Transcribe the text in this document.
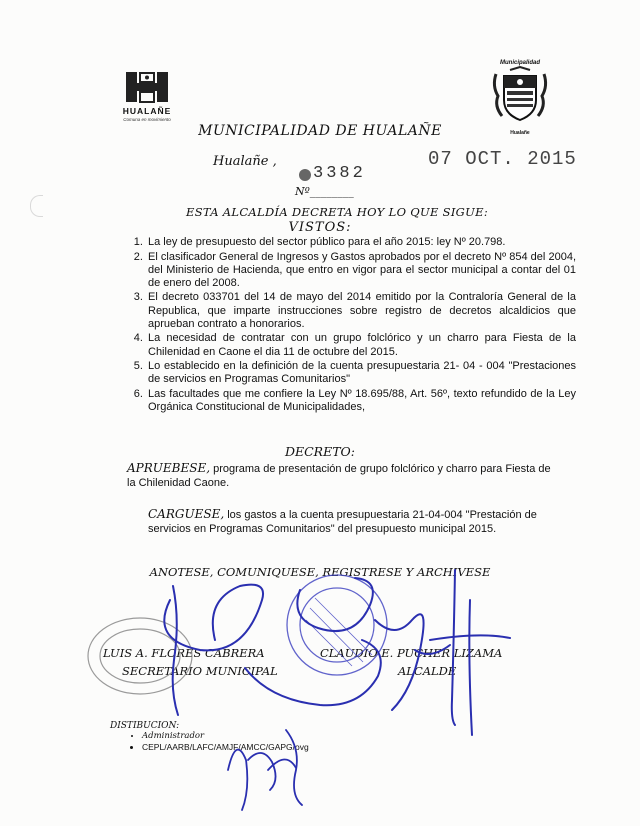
HUALAÑE
Comuna en movimiento
Municipalidad
Hualañe
MUNICIPALIDAD DE HUALAÑE
Hualañe ,	07 OCT. 2015
3382
Nº________
ESTA ALCALDÍA DECRETA HOY LO QUE SIGUE:
VISTOS:
1. La ley de presupuesto del sector público para el año 2015: ley Nº 20.798.
2. El clasificador General de Ingresos y Gastos aprobados por el decreto Nº 854 del 2004, del Ministerio de Hacienda, que entro en vigor para el sector municipal a contar del 01 de enero del 2008.
3. El decreto 033701 del 14 de mayo del 2014 emitido por la Contraloría General de la Republica, que imparte instrucciones sobre registro de decretos alcaldicios que aprueban contrato a honorarios.
4. La necesidad de contratar con un grupo folclórico y un charro para Fiesta de la Chilenidad en Caone el dia 11 de octubre del 2015.
5. Lo establecido en la definición de la cuenta presupuestaria 21- 04 - 004 "Prestaciones de servicios en Programas Comunitarios"
6. Las facultades que me confiere la Ley Nº 18.695/88, Art. 56º, texto refundido de la Ley Orgánica Constitucional de Municipalidades,
DECRETO:
APRUEBESE, programa de presentación de grupo folclórico y charro para Fiesta de la Chilenidad Caone.
CARGUESE, los gastos a la cuenta presupuestaria 21-04-004 "Prestación de servicios en Programas Comunitarios" del presupuesto municipal 2015.
ANOTESE, COMUNIQUESE, REGISTRESE Y ARCHIVESE
LUIS A. FLORES CABRERA
SECRETARIO MUNICIPAL
CLAUDIO E. PUCHER LIZAMA
ALCALDE
DISTIBUCION:
• Administrador
• CEPL/AARB/LAFC/AMJF/AMCC/GAPG/ovg
